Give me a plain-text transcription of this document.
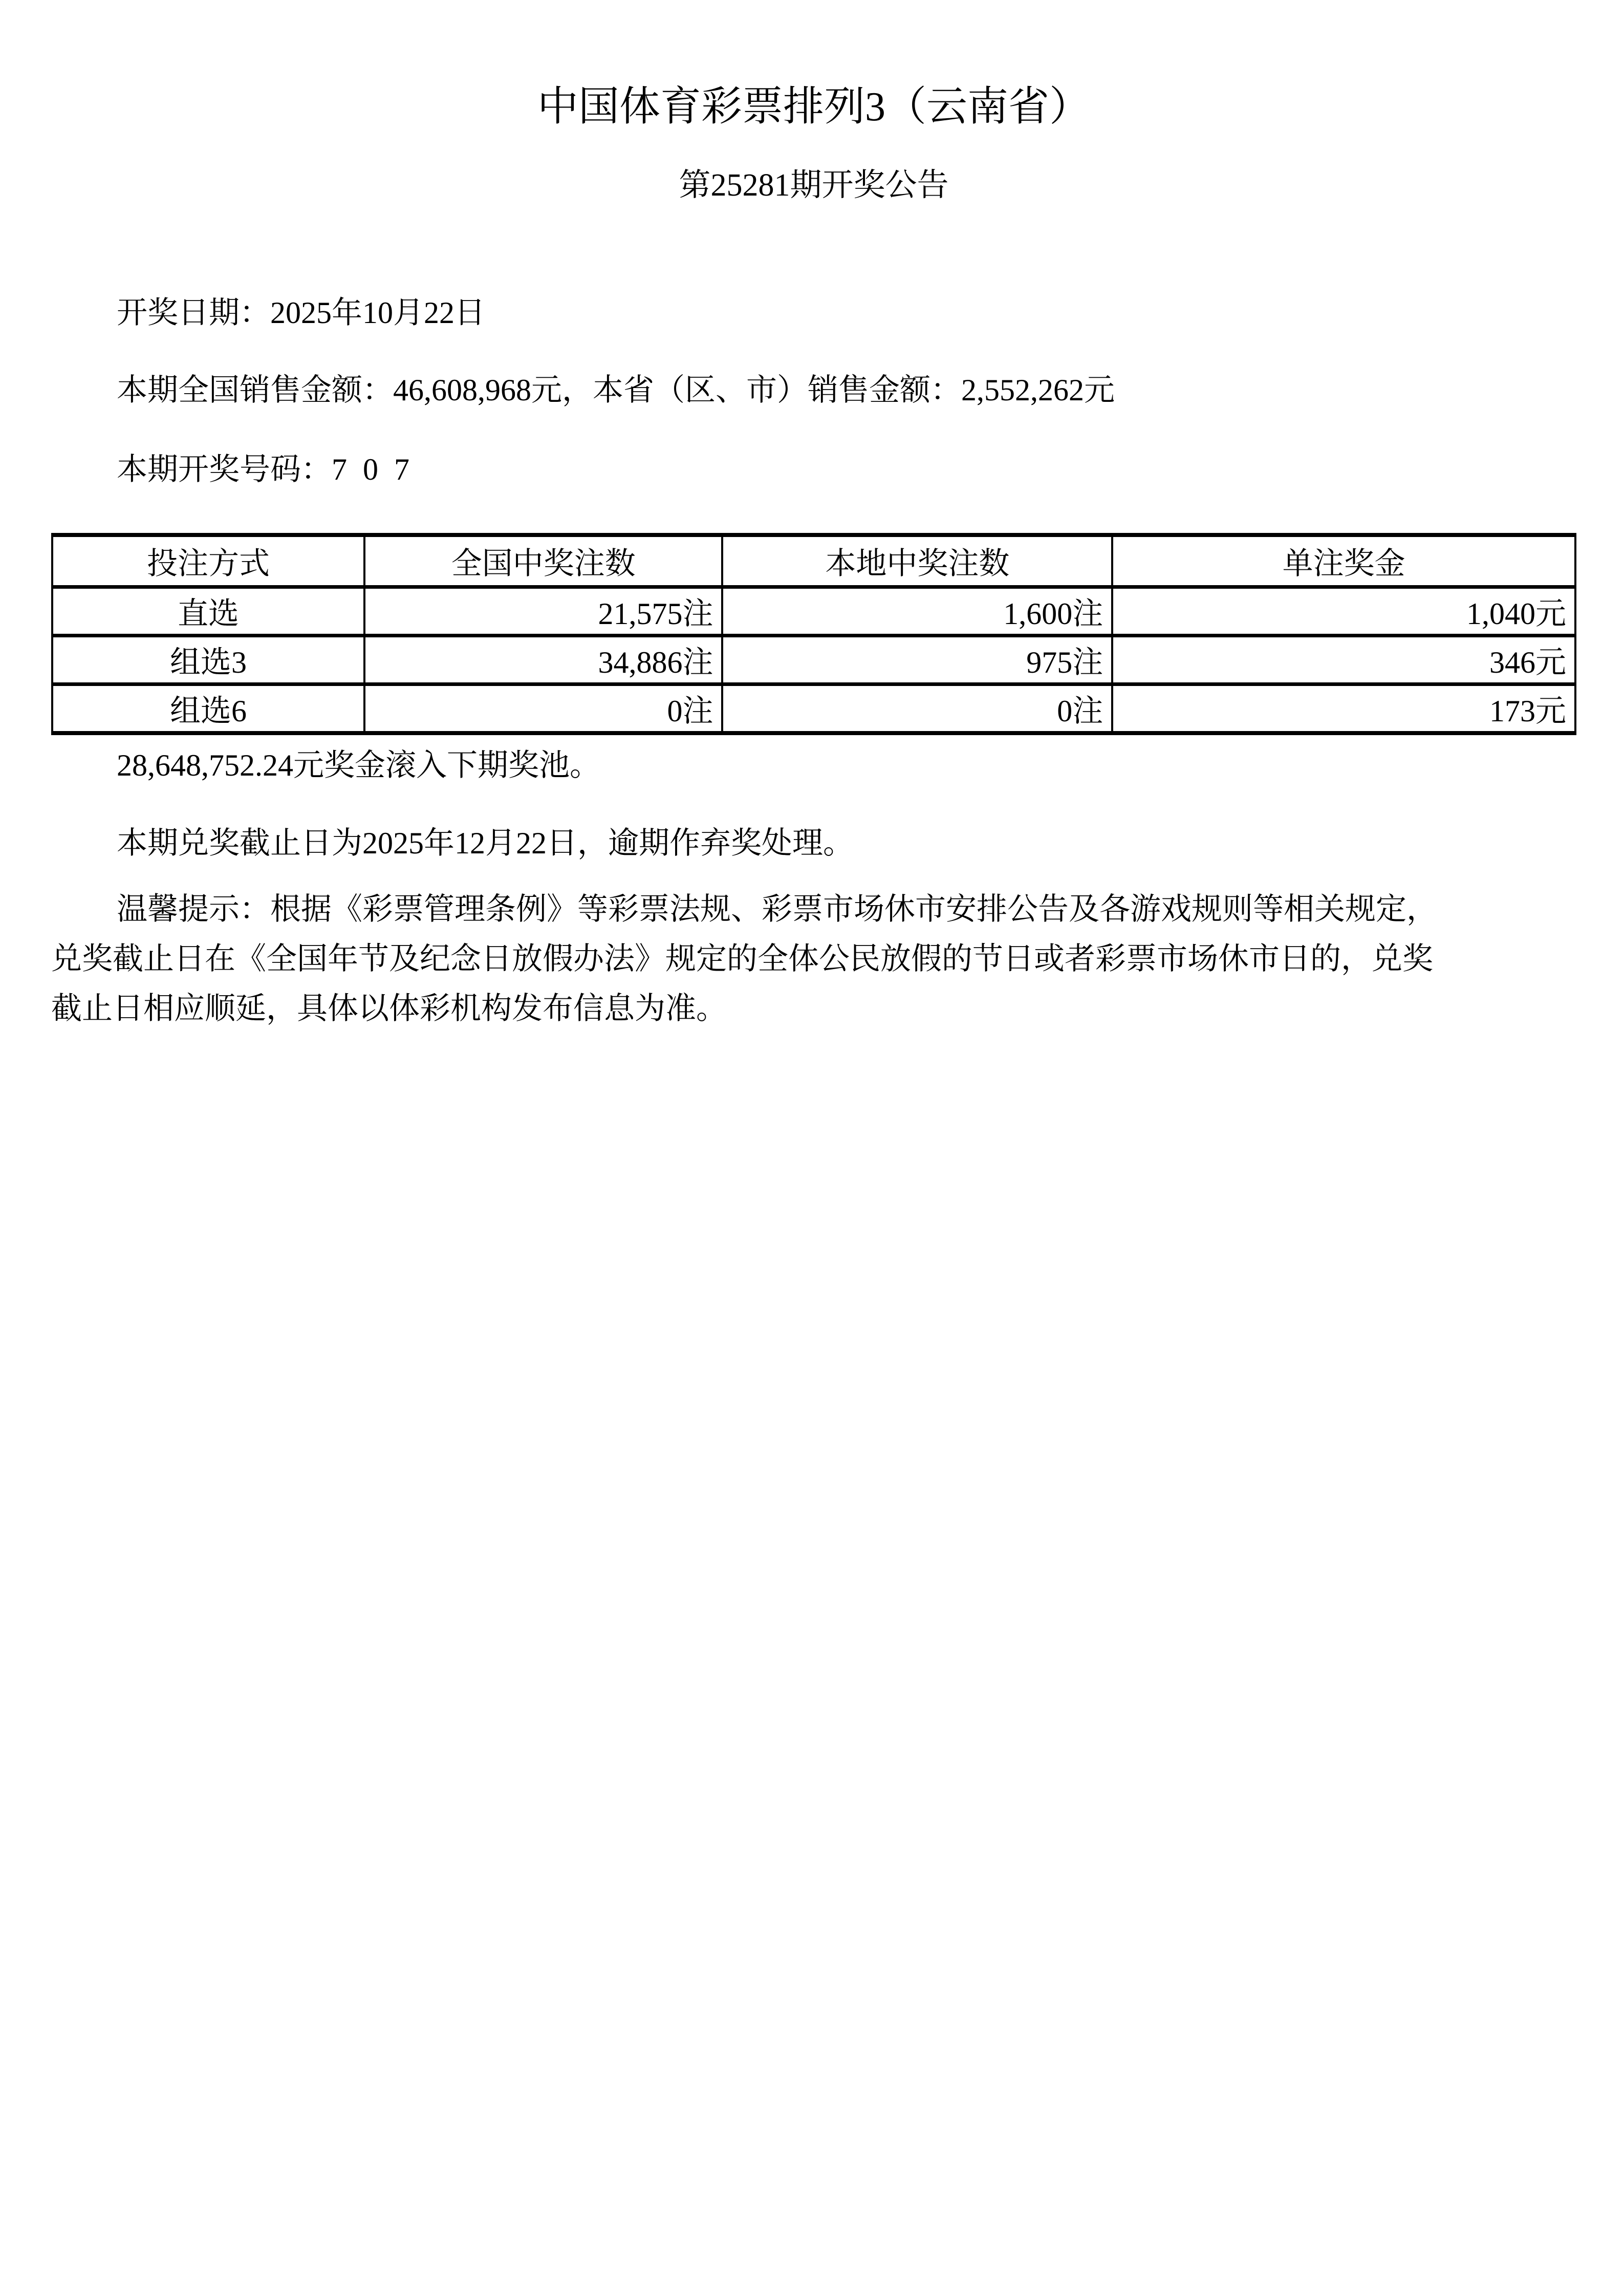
中国体育彩票排列3（云南省）
第25281期开奖公告

开奖日期：2025年10月22日

本期全国销售金额：46,608,968元，本省（区、市）销售金额：2,552,262元

本期开奖号码：7 0 7

投注方式	全国中奖注数	本地中奖注数	单注奖金
直选	21,575注	1,600注	1,040元
组选3	34,886注	975注	346元
组选6	0注	0注	173元

28,648,752.24元奖金滚入下期奖池。

本期兑奖截止日为2025年12月22日，逾期作弃奖处理。

温馨提示：根据《彩票管理条例》等彩票法规、彩票市场休市安排公告及各游戏规则等相关规定，
兑奖截止日在《全国年节及纪念日放假办法》规定的全体公民放假的节日或者彩票市场休市日的，兑奖
截止日相应顺延，具体以体彩机构发布信息为准。
